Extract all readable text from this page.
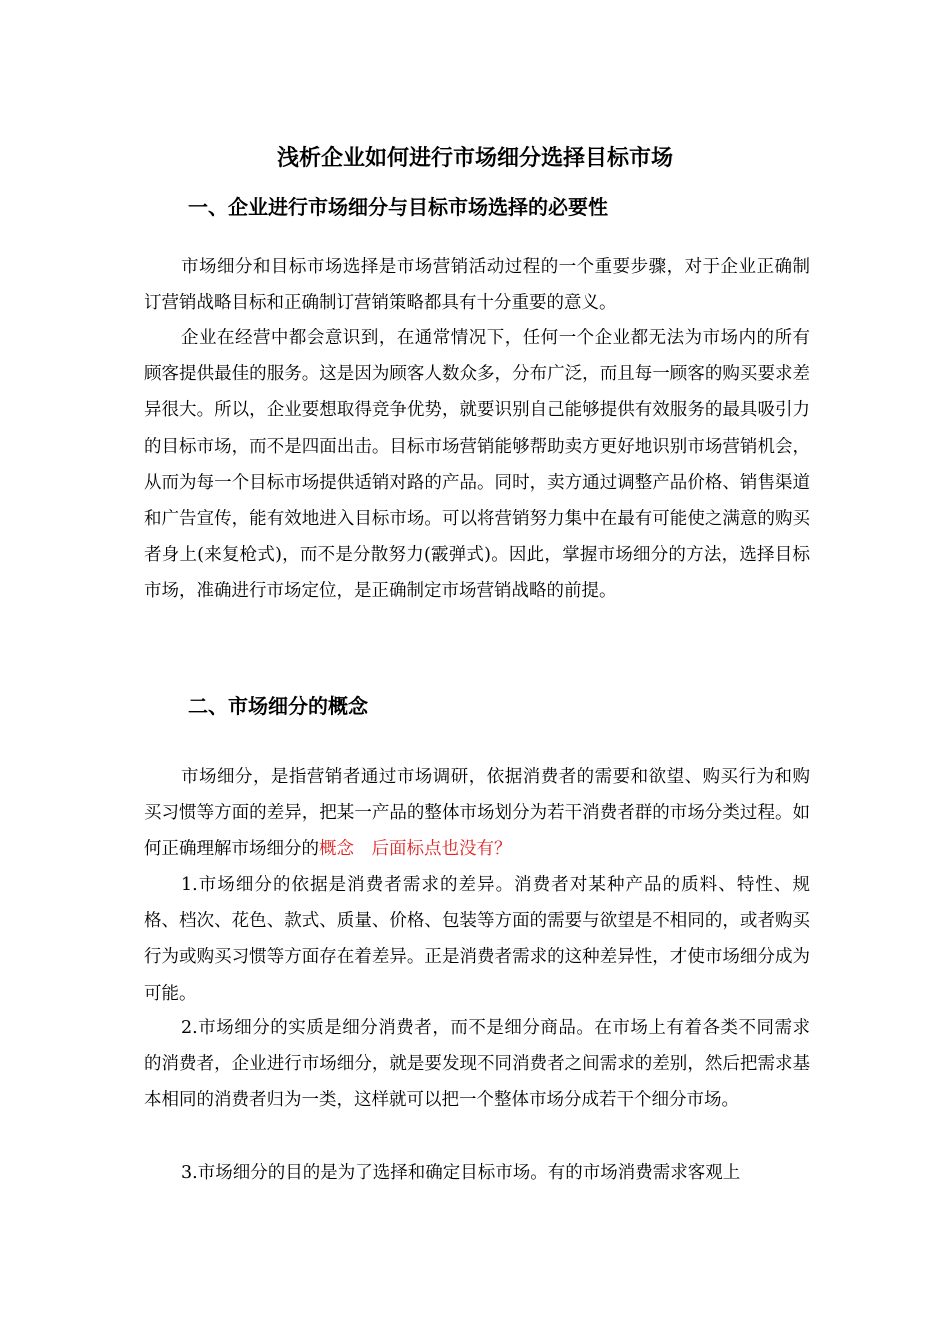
浅析企业如何进行市场细分选择目标市场
一、企业进行市场细分与目标市场选择的必要性

市场细分和目标市场选择是市场营销活动过程的一个重要步骤，对于企业正确制订营销战略目标和正确制订营销策略都具有十分重要的意义。

企业在经营中都会意识到，在通常情况下，任何一个企业都无法为市场内的所有顾客提供最佳的服务。这是因为顾客人数众多，分布广泛，而且每一顾客的购买要求差异很大。所以，企业要想取得竞争优势，就要识别自己能够提供有效服务的最具吸引力的目标市场，而不是四面出击。目标市场营销能够帮助卖方更好地识别市场营销机会，从而为每一个目标市场提供适销对路的产品。同时，卖方通过调整产品价格、销售渠道和广告宣传，能有效地进入目标市场。可以将营销努力集中在最有可能使之满意的购买者身上(来复枪式)，而不是分散努力(霰弹式)。因此，掌握市场细分的方法，选择目标市场，准确进行市场定位，是正确制定市场营销战略的前提。

二、市场细分的概念

市场细分，是指营销者通过市场调研，依据消费者的需要和欲望、购买行为和购买习惯等方面的差异，把某一产品的整体市场划分为若干消费者群的市场分类过程。如何正确理解市场细分的概念　后面标点也没有？

1.市场细分的依据是消费者需求的差异。消费者对某种产品的质料、特性、规格、档次、花色、款式、质量、价格、包装等方面的需要与欲望是不相同的，或者购买行为或购买习惯等方面存在着差异。正是消费者需求的这种差异性，才使市场细分成为可能。

2.市场细分的实质是细分消费者，而不是细分商品。在市场上有着各类不同需求的消费者，企业进行市场细分，就是要发现不同消费者之间需求的差别，然后把需求基本相同的消费者归为一类，这样就可以把一个整体市场分成若干个细分市场。

3.市场细分的目的是为了选择和确定目标市场。有的市场消费需求客观上
